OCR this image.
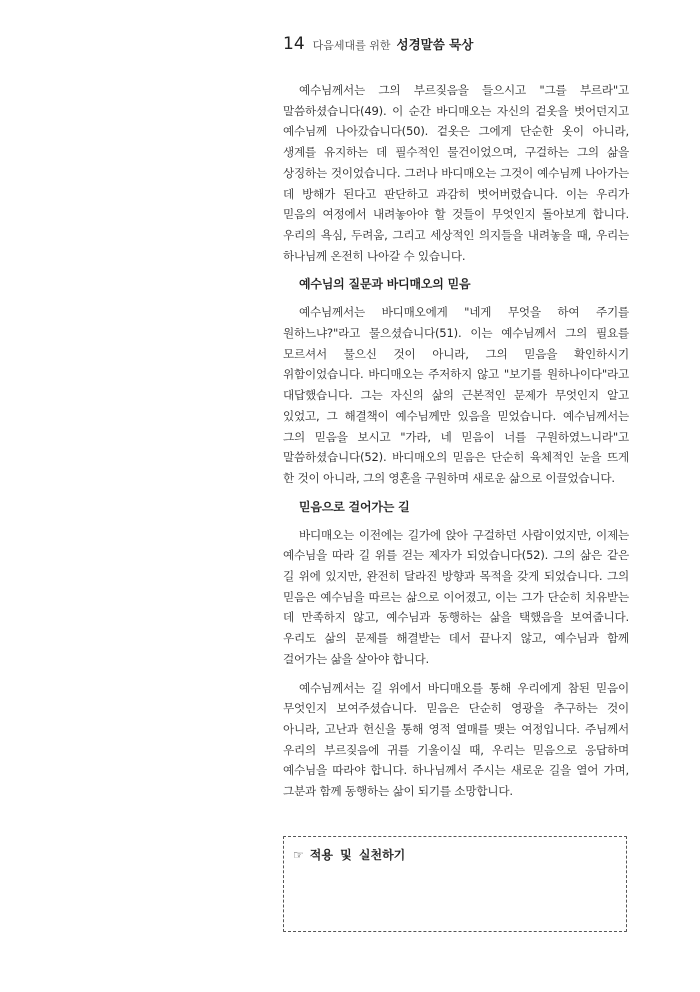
14 다음세대를 위한 성경말씀 묵상

예수님께서는 그의 부르짖음을 들으시고 "그를 부르라"고 말씀하셨습니다(49). 이 순간 바디매오는 자신의 겉옷을 벗어던지고 예수님께 나아갔습니다(50). 겉옷은 그에게 단순한 옷이 아니라, 생계를 유지하는 데 필수적인 물건이었으며, 구걸하는 그의 삶을 상징하는 것이었습니다. 그러나 바디매오는 그것이 예수님께 나아가는 데 방해가 된다고 판단하고 과감히 벗어버렸습니다. 이는 우리가 믿음의 여정에서 내려놓아야 할 것들이 무엇인지 돌아보게 합니다. 우리의 욕심, 두려움, 그리고 세상적인 의지들을 내려놓을 때, 우리는 하나님께 온전히 나아갈 수 있습니다.

예수님의 질문과 바디매오의 믿음

예수님께서는 바디매오에게 "네게 무엇을 하여 주기를 원하느냐?"라고 물으셨습니다(51). 이는 예수님께서 그의 필요를 모르셔서 물으신 것이 아니라, 그의 믿음을 확인하시기 위함이었습니다. 바디매오는 주저하지 않고 "보기를 원하나이다"라고 대답했습니다. 그는 자신의 삶의 근본적인 문제가 무엇인지 알고 있었고, 그 해결책이 예수님께만 있음을 믿었습니다. 예수님께서는 그의 믿음을 보시고 "가라, 네 믿음이 너를 구원하였느니라"고 말씀하셨습니다(52). 바디매오의 믿음은 단순히 육체적인 눈을 뜨게 한 것이 아니라, 그의 영혼을 구원하며 새로운 삶으로 이끌었습니다.

믿음으로 걸어가는 길

바디매오는 이전에는 길가에 앉아 구걸하던 사람이었지만, 이제는 예수님을 따라 길 위를 걷는 제자가 되었습니다(52). 그의 삶은 같은 길 위에 있지만, 완전히 달라진 방향과 목적을 갖게 되었습니다. 그의 믿음은 예수님을 따르는 삶으로 이어졌고, 이는 그가 단순히 치유받는 데 만족하지 않고, 예수님과 동행하는 삶을 택했음을 보여줍니다. 우리도 삶의 문제를 해결받는 데서 끝나지 않고, 예수님과 함께 걸어가는 삶을 살아야 합니다.

예수님께서는 길 위에서 바디매오를 통해 우리에게 참된 믿음이 무엇인지 보여주셨습니다. 믿음은 단순히 영광을 추구하는 것이 아니라, 고난과 헌신을 통해 영적 열매를 맺는 여정입니다. 주님께서 우리의 부르짖음에 귀를 기울이실 때, 우리는 믿음으로 응답하며 예수님을 따라야 합니다. 하나님께서 주시는 새로운 길을 열어 가며, 그분과 함께 동행하는 삶이 되기를 소망합니다.

☞ 적용 및 실천하기
